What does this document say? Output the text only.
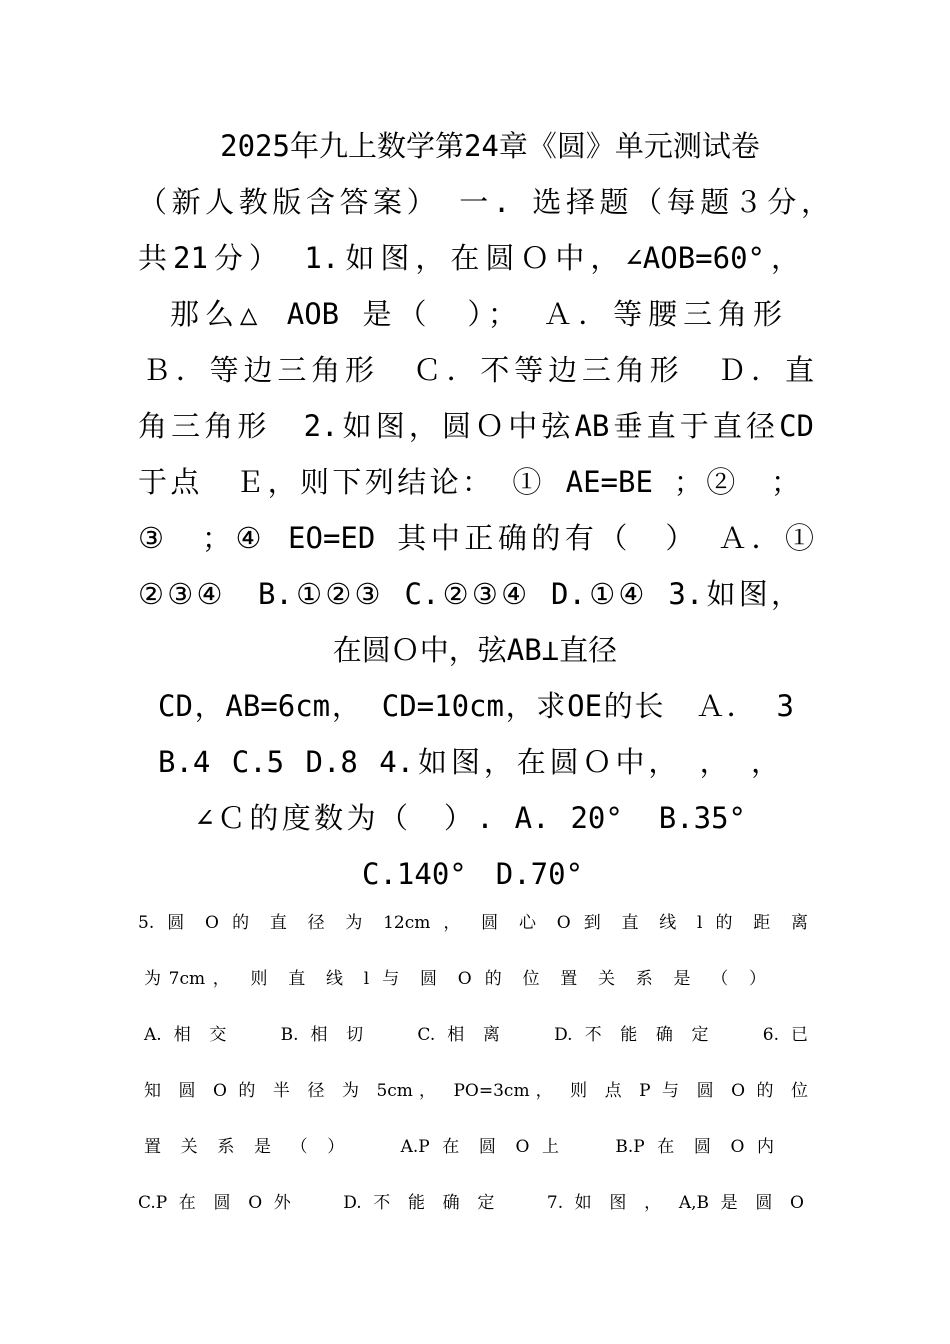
2025年九上数学第24章《圆》单元测试卷
（新人教版含答案）　一. 选择题（每题３分，
共21分）　1.如图，在圆Ｏ中，∠AOB=60°，
那么△ AOB 是（　）；　Ａ．等腰三角形
Ｂ．等边三角形　Ｃ．不等边三角形　Ｄ．直
角三角形　2.如图，圆Ｏ中弦AB垂直于直径CD
于点　Ｅ，则下列结论：　① AE=BE ；②　；
③　；④ EO=ED 其中正确的有（　）　Ａ．①
②③④　B.①②③ C.②③④ D.①④ 3.如图，
在圆Ｏ中，弦AB⊥直径
CD，AB=6cm， CD=10cm，求OE的长　Ａ． 3
B.4 C.5 D.8 4.如图，在圆Ｏ中，　，　，
∠Ｃ的度数为（　）. A. 20°　B.35°
C.140°　D.70°
5. 圆 O 的 直 径 为 12cm ， 圆 心 O 到 直 线 l 的 距 离
为7cm， 则 直 线 l 与 圆 O 的 位 置 关 系 是 （ ）
A. 相 交 　 B. 相 切 　 C. 相 离 　 D. 不 能 确 定 　 6. 已
知 圆 O 的 半 径 为 5cm， PO=3cm， 则 点 P 与 圆 O 的 位
置 关 系 是 （ ） 　 A.P 在 圆 O 上 　 B.P 在 圆 O 内
C.P 在 圆 O 外 　 D. 不 能 确 定 　 7. 如 图 ， A,B 是 圆 O
